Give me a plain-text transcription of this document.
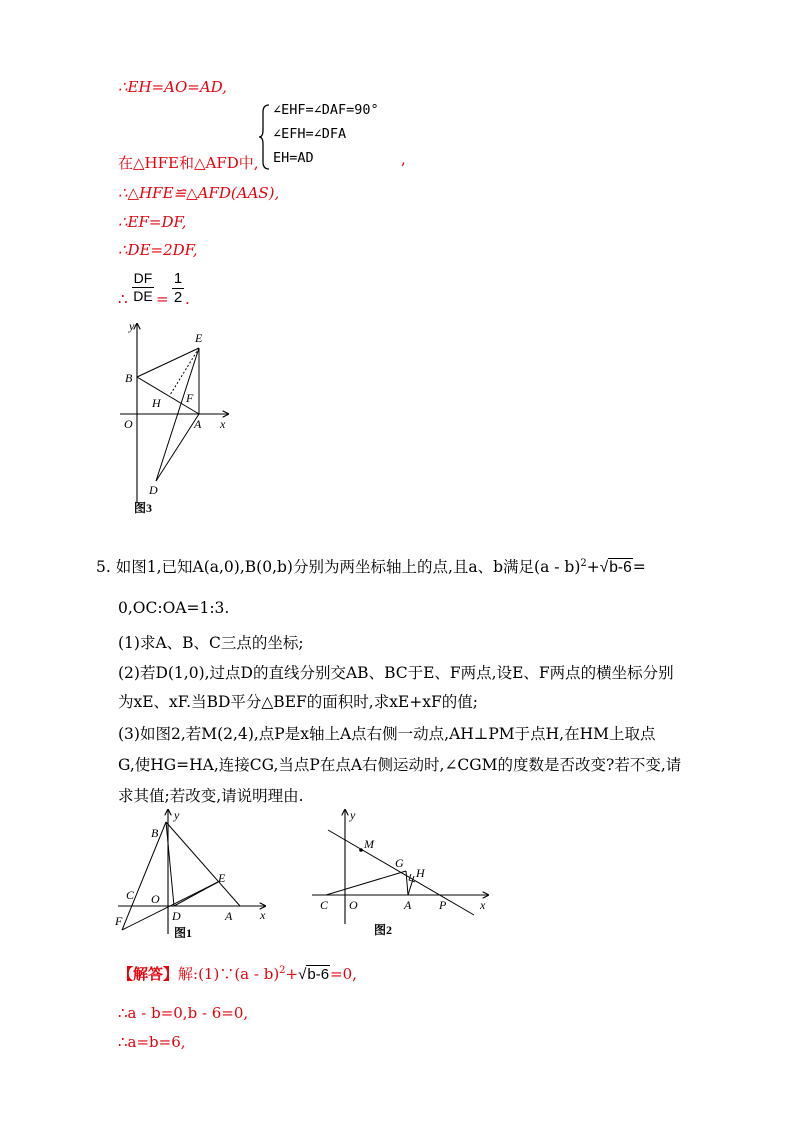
∴EH=AO=AD,
∠EHF=∠DAF=90°
∠EFH=∠DFA
EH=AD
在△HFE和△AFD中,	,
∴△HFE≌△AFD(AAS),
∴EF=DF,
∴DE=2DF,
∴ $\frac{DF}{DE} = \frac{1}{2}$ .
y
x
O	A
B
E
F
H
D
图3
5. 如图1,已知A(a,0),B(0,b)分别为两坐标轴上的点,且a、b满足(a - b)$^2$+√b-6=
0,OC:OA=1:3.
(1)求A、B、C三点的坐标;
(2)若D(1,0),过点D的直线分别交AB、BC于E、F两点,设E、F两点的横坐标分别
为xE、xF.当BD平分△BEF的面积时,求xE+xF的值;
(3)如图2,若M(2,4),点P是x轴上A点右侧一动点,AH⊥PM于点H,在HM上取点
G,使HG=HA,连接CG,当点P在点A右侧运动时,∠CGM的度数是否改变?若不变,请
求其值;若改变,请说明理由.
y
x
B
C O
D	A
E
F
图1
y
x
M
G
H
C O	A P
图2
【解答】解:(1)∵(a - b)$^2$+√b-6=0,
∴a - b=0,b - 6=0,
∴a=b=6,
